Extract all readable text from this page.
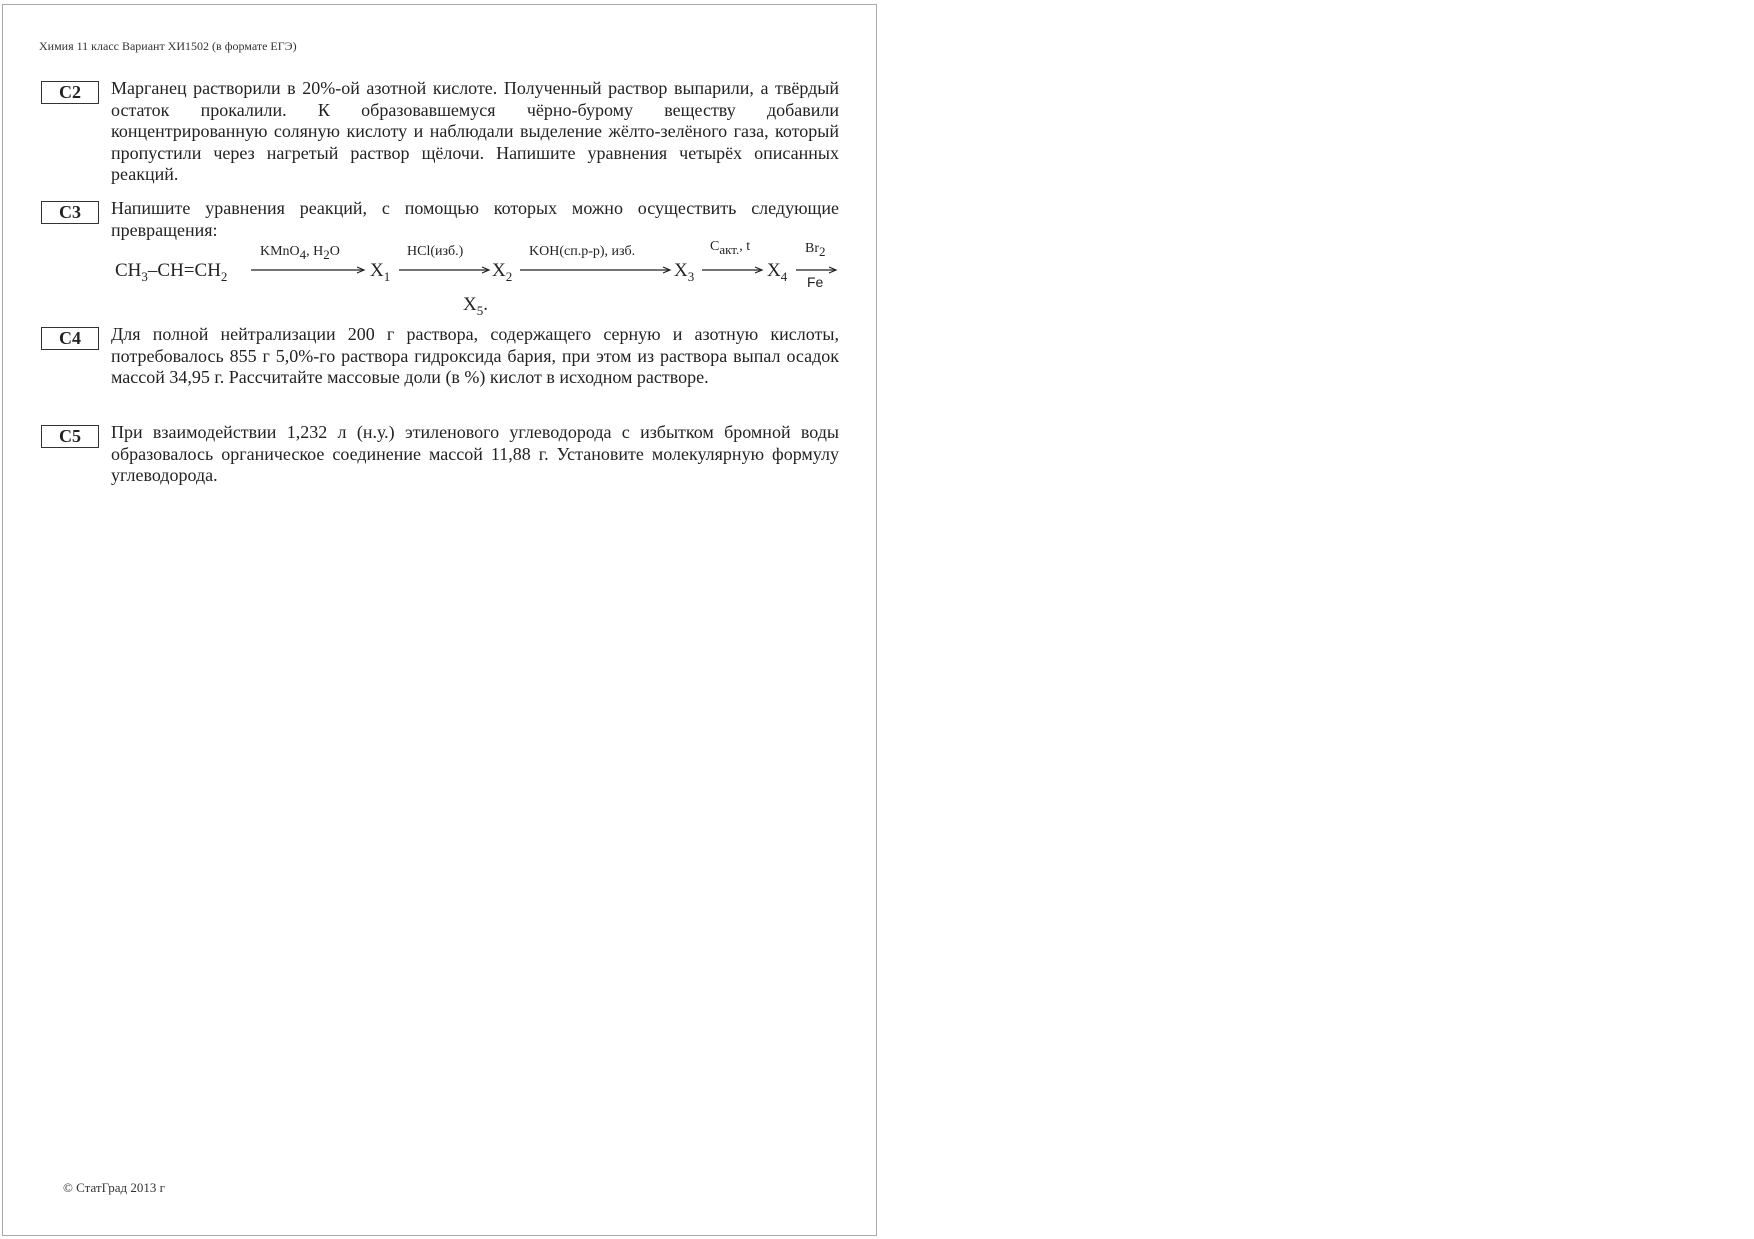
Химия 11 класс Вариант ХИ1502 (в формате ЕГЭ)
C2	Марганец растворили в 20%-ой азотной кислоте. Полученный раствор выпарили, а твёрдый остаток прокалили. К образовавшемуся чёрно-бурому веществу добавили концентрированную соляную кислоту и наблюдали выделение жёлто-зелёного газа, который пропустили через нагретый раствор щёлочи. Напишите уравнения четырёх описанных реакций.
C3	Напишите уравнения реакций, с помощью которых можно осуществить следующие превращения:
$CH_3-CH=CH_2$
KMnO$_4$, $H_2O$
$X_1$
HCl(изб.)
$X_2$
KOH(сп.р-р), изб.
$X_3$
$C_{акт.}$, t
$X_4$
$Br_2$
Fe
$X_5$.
C4	Для полной нейтрализации 200 г раствора, содержащего серную и азотную кислоты, потребовалось 855 г 5,0%-го раствора гидроксида бария, при этом из раствора выпал осадок массой 34,95 г. Рассчитайте массовые доли (в %) кислот в исходном растворе.
C5	При взаимодействии 1,232 л (н.у.) этиленового углеводорода с избытком бромной воды образовалось органическое соединение массой 11,88 г. Установите молекулярную формулу углеводорода.
© СтатГрад 2013 г
